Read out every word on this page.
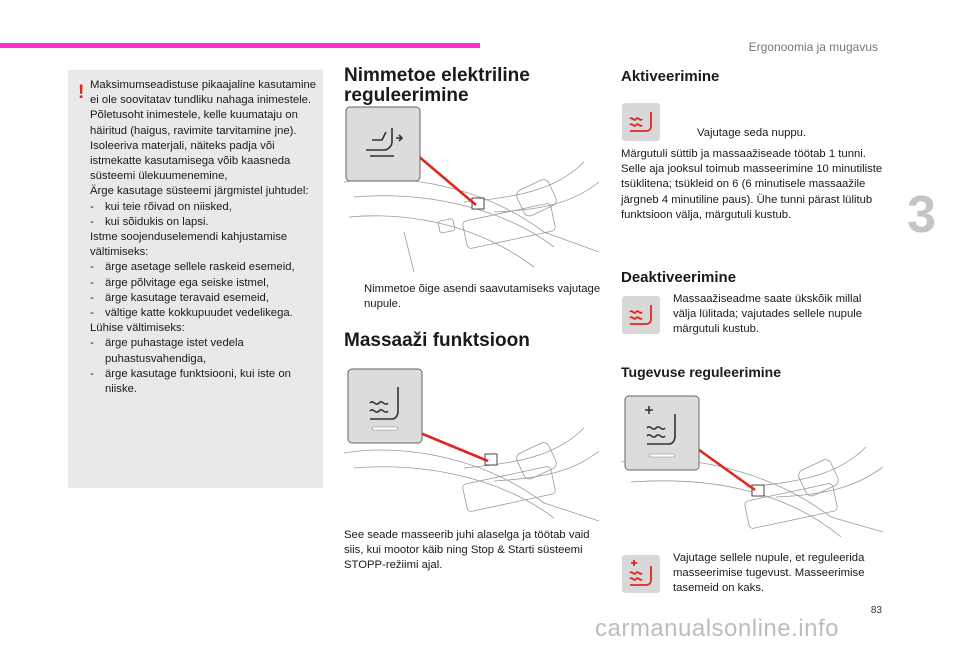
Ergonoomia ja mugavus
3
! Maksimumseadistuse pikaajaline kasutamine ei ole soovitatav tundliku nahaga inimestele.

Põletusoht inimestele, kelle kuumataju on häiritud (haigus, ravimite tarvitamine jne).

Isoleeriva materjali, näiteks padja või istmekatte kasutamisega võib kaasneda süsteemi ülekuumenemine,

Ärge kasutage süsteemi järgmistel juhtudel:

- kui teie rõivad on niisked,
- kui sõidukis on lapsi.

Istme soojenduselemendi kahjustamise vältimiseks:

- ärge asetage sellele raskeid esemeid,
- ärge põlvitage ega seiske istmel,
- ärge kasutage teravaid esemeid,
- vältige katte kokkupuudet vedelikega.

Lühise vältimiseks:

- ärge puhastage istet vedela puhastusvahendiga,
- ärge kasutage funktsiooni, kui iste on niiske.
Nimmetoe elektriline reguleerimine
Nimmetoe õige asendi saavutamiseks vajutage nupule.
Massaaži funktsioon
See seade masseerib juhi alaselga ja töötab vaid siis, kui mootor käib ning Stop & Starti süsteemi STOPP-režiimi ajal.
Aktiveerimine
Vajutage seda nuppu.
Märgutuli süttib ja massaažiseade töötab 1 tunni. Selle aja jooksul toimub masseerimine 10 minutiliste tsüklitena; tsükleid on 6 (6 minutisele massaažile järgneb 4 minutiline paus). Ühe tunni pärast lülitub funktsioon välja, märgutuli kustub.
Deaktiveerimine
Massaažiseadme saate ükskõik millal välja lülitada; vajutades sellele nupule märgutuli kustub.
Tugevuse reguleerimine
Vajutage sellele nupule, et reguleerida masseerimise tugevust. Masseerimise tasemeid on kaks.
83
carmanualsonline.info
